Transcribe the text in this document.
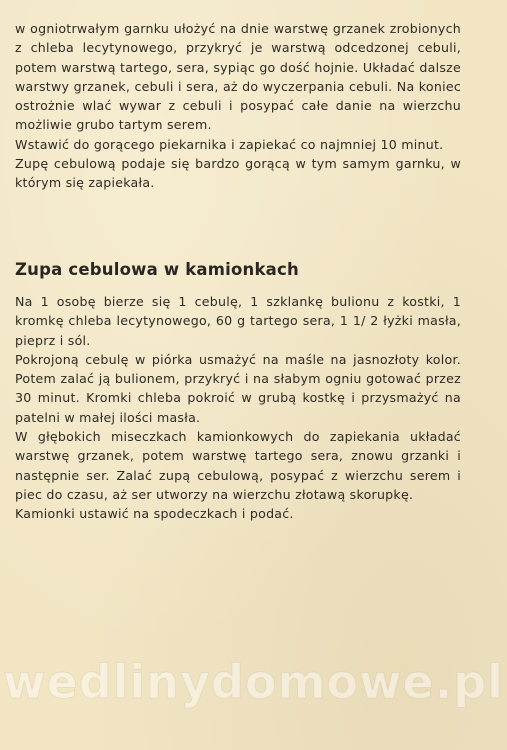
w ogniotrwałym garnku ułożyć na dnie warstwę grzanek zrobionych z chleba lecytynowego, przykryć je warstwą odcedzonej cebuli, potem warstwą tartego, sera, sypiąc go dość hojnie. Układać dalsze warstwy grzanek, cebuli i sera, aż do wyczerpania cebuli. Na koniec ostrożnie wlać wywar z cebuli i posypać całe danie na wierzchu możliwie grubo tartym serem.

Wstawić do gorącego piekarnika i zapiekać co najmniej 10 minut.

Zupę cebulową podaje się bardzo gorącą w tym samym garnku, w którym się zapiekała.

Zupa cebulowa w kamionkach

Na 1 osobę bierze się 1 cebulę, 1 szklankę bulionu z kostki, 1 kromkę chleba lecytynowego, 60 g tartego sera, 1 1/ 2 łyżki masła, pieprz i sól.

Pokrojoną cebulę w piórka usmażyć na maśle na jasnozłoty kolor. Potem zalać ją bulionem, przykryć i na słabym ogniu gotować przez 30 minut. Kromki chleba pokroić w grubą kostkę i przysmażyć na patelni w małej ilości masła.

W głębokich miseczkach kamionkowych do zapiekania układać warstwę grzanek, potem warstwę tartego sera, znowu grzanki i następnie ser. Zalać zupą cebulową, posypać z wierzchu serem i piec do czasu, aż ser utworzy na wierzchu złotawą skorupkę.

Kamionki ustawić na spodeczkach i podać.

wedlinydomowe.pl
